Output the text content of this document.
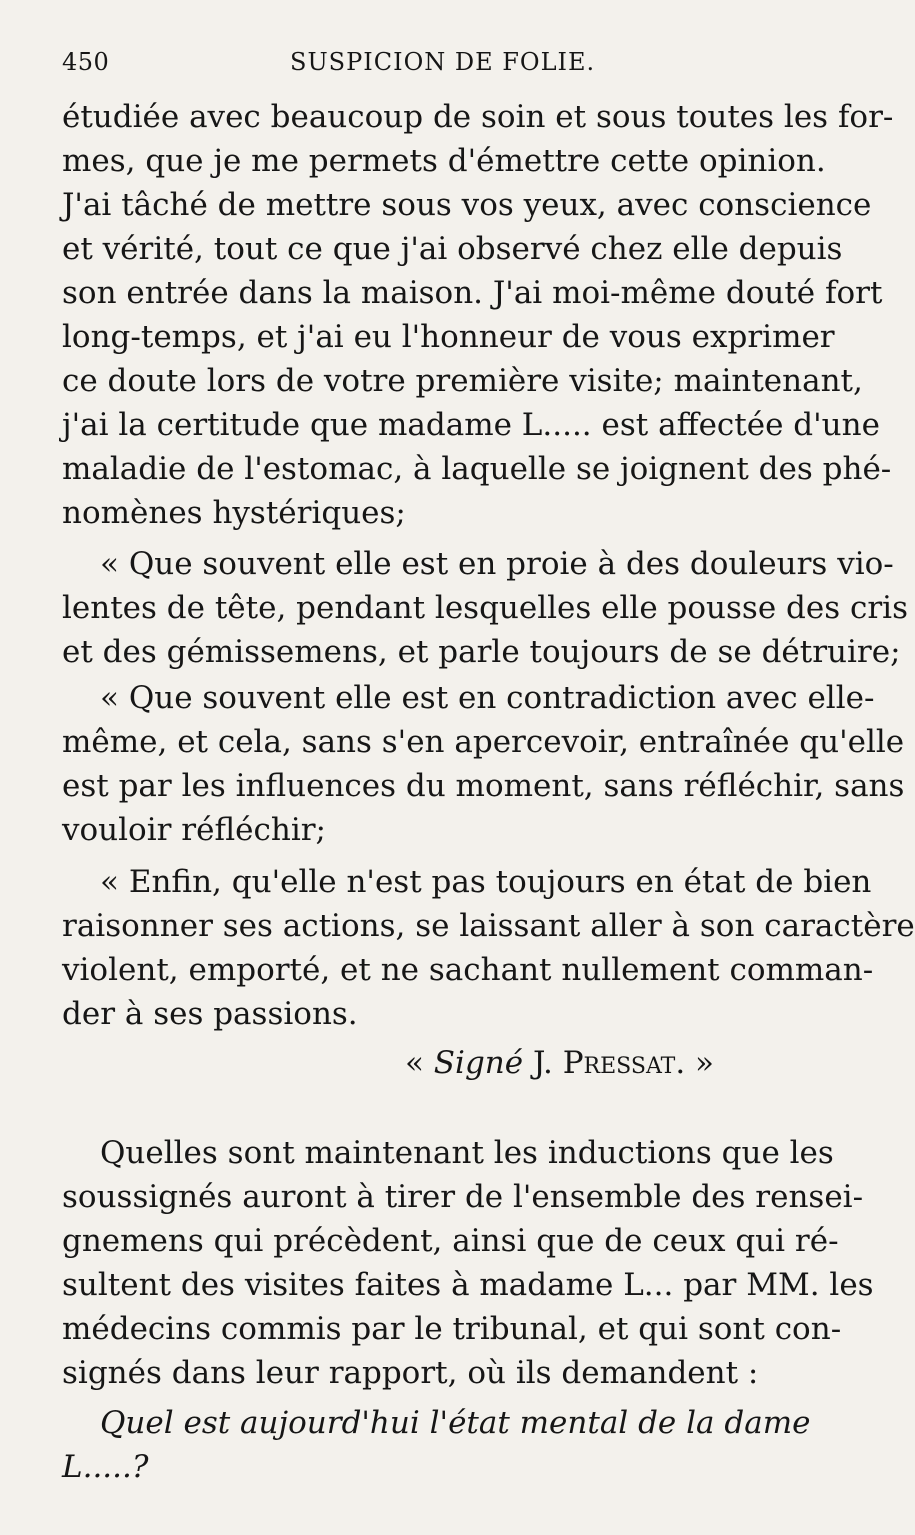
450	SUSPICION DE FOLIE.
étudiée avec beaucoup de soin et sous toutes les for-
mes, que je me permets d'émettre cette opinion.
J'ai tâché de mettre sous vos yeux, avec conscience
et vérité, tout ce que j'ai observé chez elle depuis
son entrée dans la maison. J'ai moi-même douté fort
long-temps, et j'ai eu l'honneur de vous exprimer
ce doute lors de votre première visite; maintenant,
j'ai la certitude que madame L..... est affectée d'une
maladie de l'estomac, à laquelle se joignent des phé-
nomènes hystériques;
« Que souvent elle est en proie à des douleurs vio-
lentes de tête, pendant lesquelles elle pousse des cris
et des gémissemens, et parle toujours de se détruire;
« Que souvent elle est en contradiction avec elle-
même, et cela, sans s'en apercevoir, entraînée qu'elle
est par les influences du moment, sans réfléchir, sans
vouloir réfléchir;
« Enfin, qu'elle n'est pas toujours en état de bien
raisonner ses actions, se laissant aller à son caractère
violent, emporté, et ne sachant nullement comman-
der à ses passions.
« Signé J. Pressat. »
Quelles sont maintenant les inductions que les
soussignés auront à tirer de l'ensemble des rensei-
gnemens qui précèdent, ainsi que de ceux qui ré-
sultent des visites faites à madame L... par MM. les
médecins commis par le tribunal, et qui sont con-
signés dans leur rapport, où ils demandent :
Quel est aujourd'hui l'état mental de la dame
L.....?
